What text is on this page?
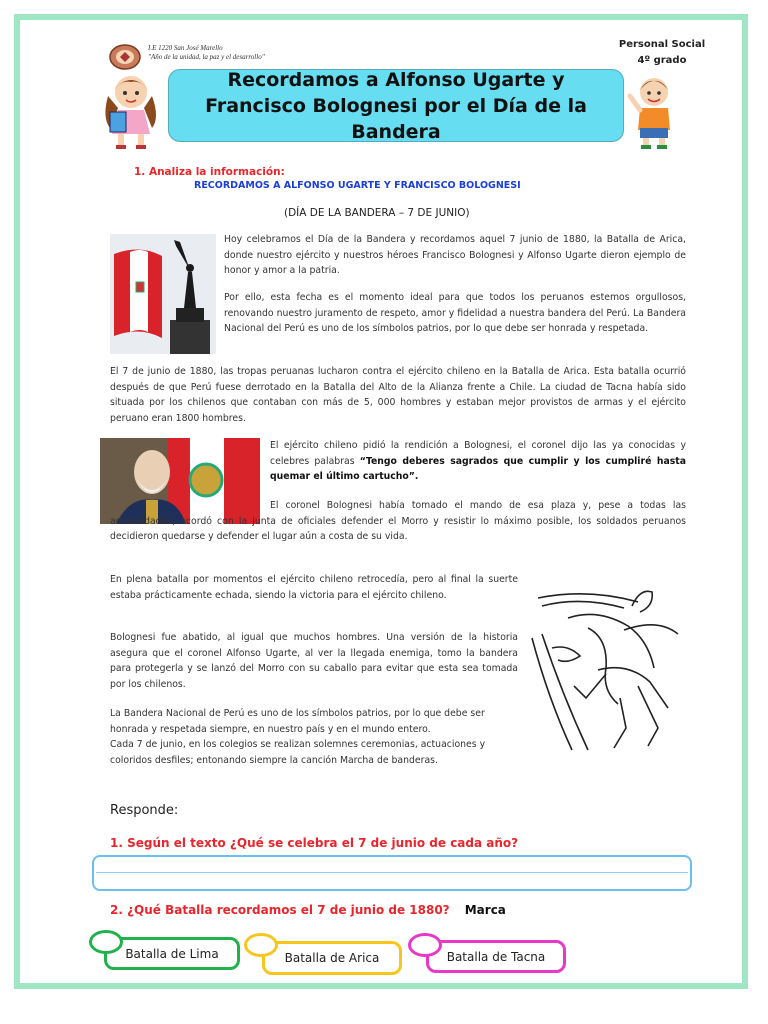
I.E 1220 San José Marello
"Año de la unidad, la paz y el desarrollo"
Personal Social
4º grado
Recordamos a Alfonso Ugarte y Francisco Bolognesi por el Día de la Bandera
1. Analiza la información:
RECORDAMOS A ALFONSO UGARTE Y FRANCISCO BOLOGNESI
(DÍA DE LA BANDERA – 7 DE JUNIO)

Hoy celebramos el Día de la Bandera y recordamos aquel 7 junio de 1880, la Batalla de Arica, donde nuestro ejército y nuestros héroes Francisco Bolognesi y Alfonso Ugarte dieron ejemplo de honor y amor a la patria.

Por ello, esta fecha es el momento ideal para que todos los peruanos estemos orgullosos, renovando nuestro juramento de respeto, amor y fidelidad a nuestra bandera del Perú. La Bandera Nacional del Perú es uno de los símbolos patrios, por lo que debe ser honrada y respetada.

El 7 de junio de 1880, las tropas peruanas lucharon contra el ejército chileno en la Batalla de Arica. Esta batalla ocurrió después de que Perú fuese derrotado en la Batalla del Alto de la Alianza frente a Chile. La ciudad de Tacna había sido situada por los chilenos que contaban con más de 5, 000 hombres y estaban mejor provistos de armas y el ejército peruano eran 1800 hombres.

El ejército chileno pidió la rendición a Bolognesi, el coronel dijo las ya conocidas y celebres palabras “Tengo deberes sagrados que cumplir y los cumpliré hasta quemar el último cartucho”.

El coronel Bolognesi había tomado el mando de esa plaza y, pese a todas las adversidades, acordó con la junta de oficiales defender el Morro y resistir lo máximo posible, los soldados peruanos decidieron quedarse y defender el lugar aún a costa de su vida.

En plena batalla por momentos el ejército chileno retrocedía, pero al final la suerte estaba prácticamente echada, siendo la victoria para el ejército chileno.

Bolognesi fue abatido, al igual que muchos hombres. Una versión de la historia asegura que el coronel Alfonso Ugarte, al ver la llegada enemiga, tomo la bandera para protegerla y se lanzó del Morro con su caballo para evitar que esta sea tomada por los chilenos.

La Bandera Nacional de Perú es uno de los símbolos patrios, por lo que debe ser honrada y respetada siempre, en nuestro país y en el mundo entero.
Cada 7 de junio, en los colegios se realizan solemnes ceremonias, actuaciones y coloridos desfiles; entonando siempre la canción Marcha de banderas.

Responde:
1. Según el texto ¿Qué se celebra el 7 de junio de cada año?
2. ¿Qué Batalla recordamos el 7 de junio de 1880? Marca
Batalla de Lima	Batalla de Arica	Batalla de Tacna
